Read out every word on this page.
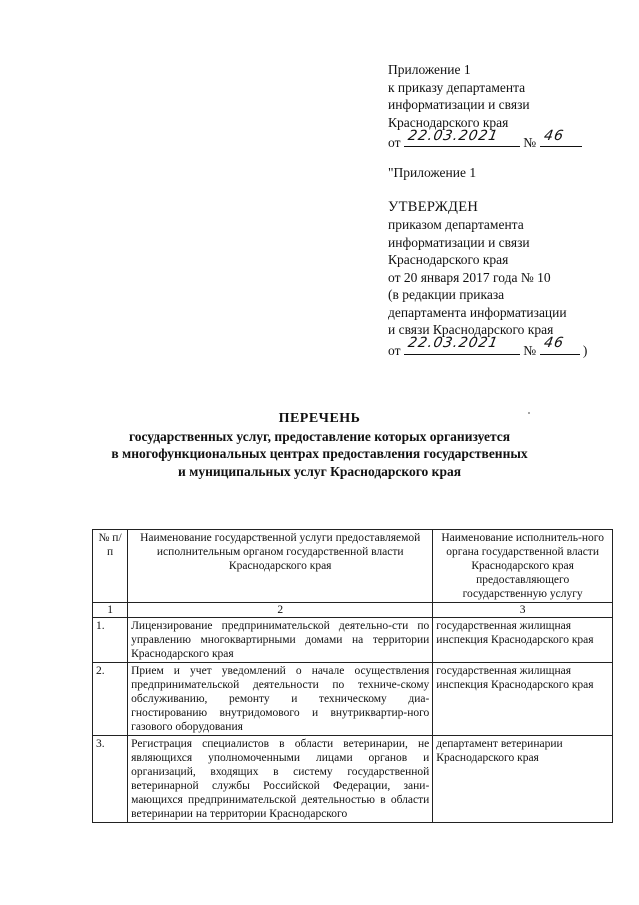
Приложение 1
к приказу департамента
информатизации и связи
Краснодарского края
от 22.03.2021 № 46
"Приложение 1
УТВЕРЖДЕН
приказом департамента
информатизации и связи
Краснодарского края
от 20 января 2017 года № 10
(в редакции приказа
департамента информатизации
и связи Краснодарского края
от 22.03.2021 № 46 )
ПЕРЕЧЕНЬ
государственных услуг, предоставление которых организуется
в многофункциональных центрах предоставления государственных
и муниципальных услуг Краснодарского края
№ п/п	Наименование государственной услуги предоставляемой исполнительным органом государственной власти Краснодарского края	Наименование исполнитель-ного органа государственной власти Краснодарского края предоставляющего государственную услугу
1	2	3
1.	Лицензирование предпринимательской деятельно-сти по управлению многоквартирными домами на территории Краснодарского края	государственная жилищная инспекция Краснодарского края
2.	Прием и учет уведомлений о начале осуществления предпринимательской деятельности по техниче-скому обслуживанию, ремонту и техническому диа-гностированию внутридомового и внутриквартир-ного газового оборудования	государственная жилищная инспекция Краснодарского края
3.	Регистрация специалистов в области ветеринарии, не являющихся уполномоченными лицами органов и организаций, входящих в систему государственной ветеринарной службы Российской Федерации, зани-мающихся предпринимательской деятельностью в области ветеринарии на территории Краснодарского	департамент ветеринарии Краснодарского края
